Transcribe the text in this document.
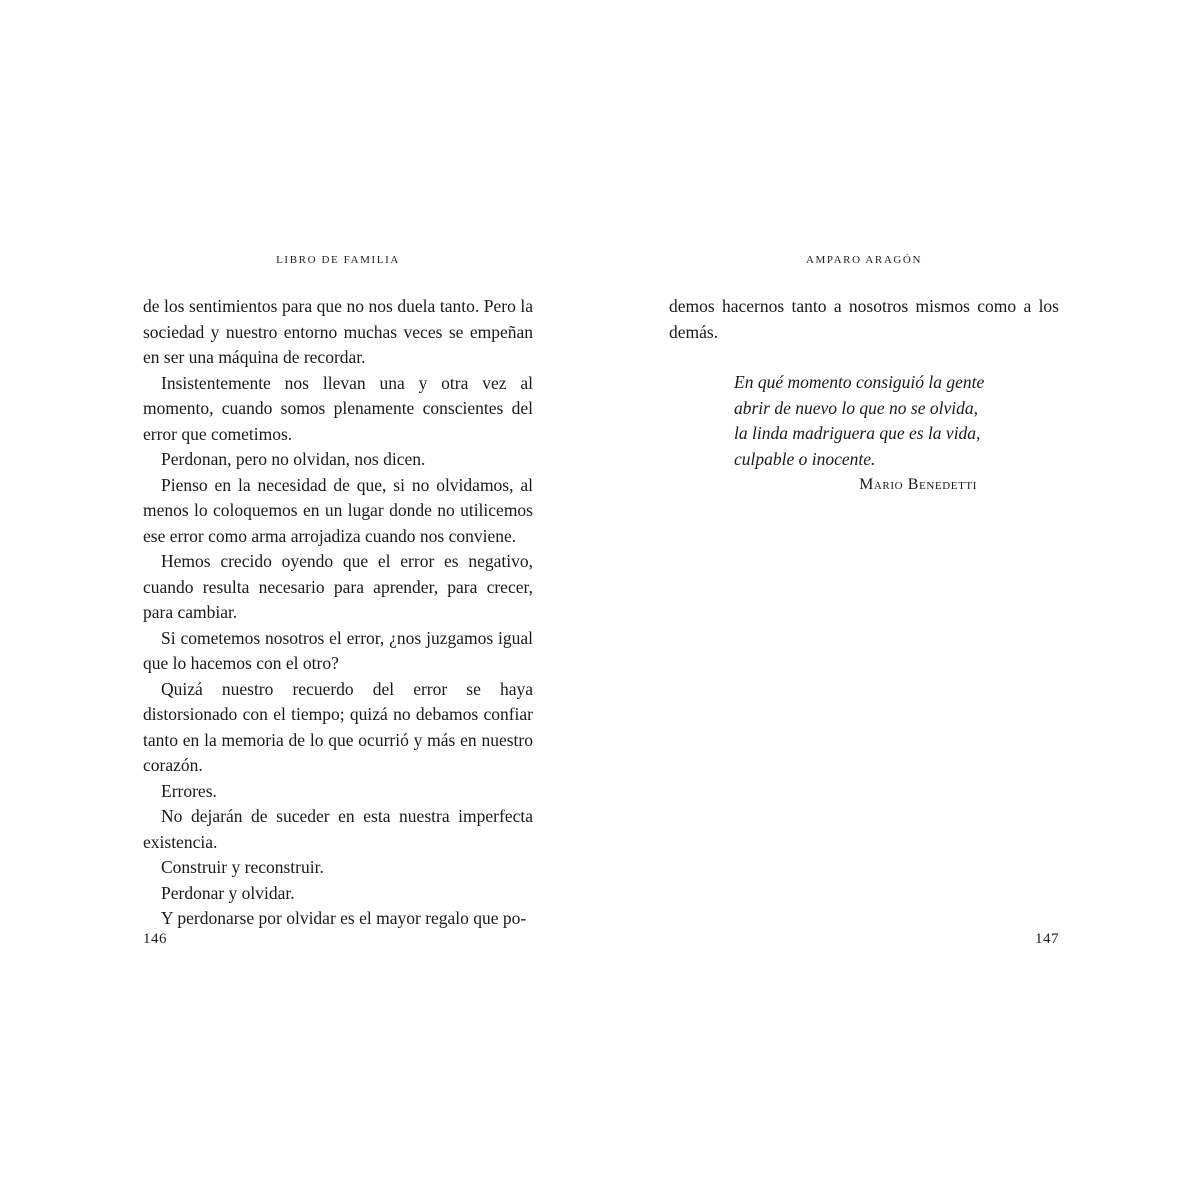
LIBRO DE FAMILIA

de los sentimientos para que no nos duela tanto. Pero la sociedad y nuestro entorno muchas veces se empeñan en ser una máquina de recordar.

Insistentemente nos llevan una y otra vez al momento, cuando somos plenamente conscientes del error que cometimos.

Perdonan, pero no olvidan, nos dicen.

Pienso en la necesidad de que, si no olvidamos, al menos lo coloquemos en un lugar donde no utilicemos ese error como arma arrojadiza cuando nos conviene.

Hemos crecido oyendo que el error es negativo, cuando resulta necesario para aprender, para crecer, para cambiar.

Si cometemos nosotros el error, ¿nos juzgamos igual que lo hacemos con el otro?

Quizá nuestro recuerdo del error se haya distorsionado con el tiempo; quizá no debamos confiar tanto en la memoria de lo que ocurrió y más en nuestro corazón.

Errores.

No dejarán de suceder en esta nuestra imperfecta existencia.

Construir y reconstruir.

Perdonar y olvidar.

Y perdonarse por olvidar es el mayor regalo que po-

146
AMPARO ARAGÓN

demos hacernos tanto a nosotros mismos como a los demás.

En qué momento consiguió la gente
abrir de nuevo lo que no se olvida,
la linda madriguera que es la vida,
culpable o inocente.
Mario Benedetti
147
